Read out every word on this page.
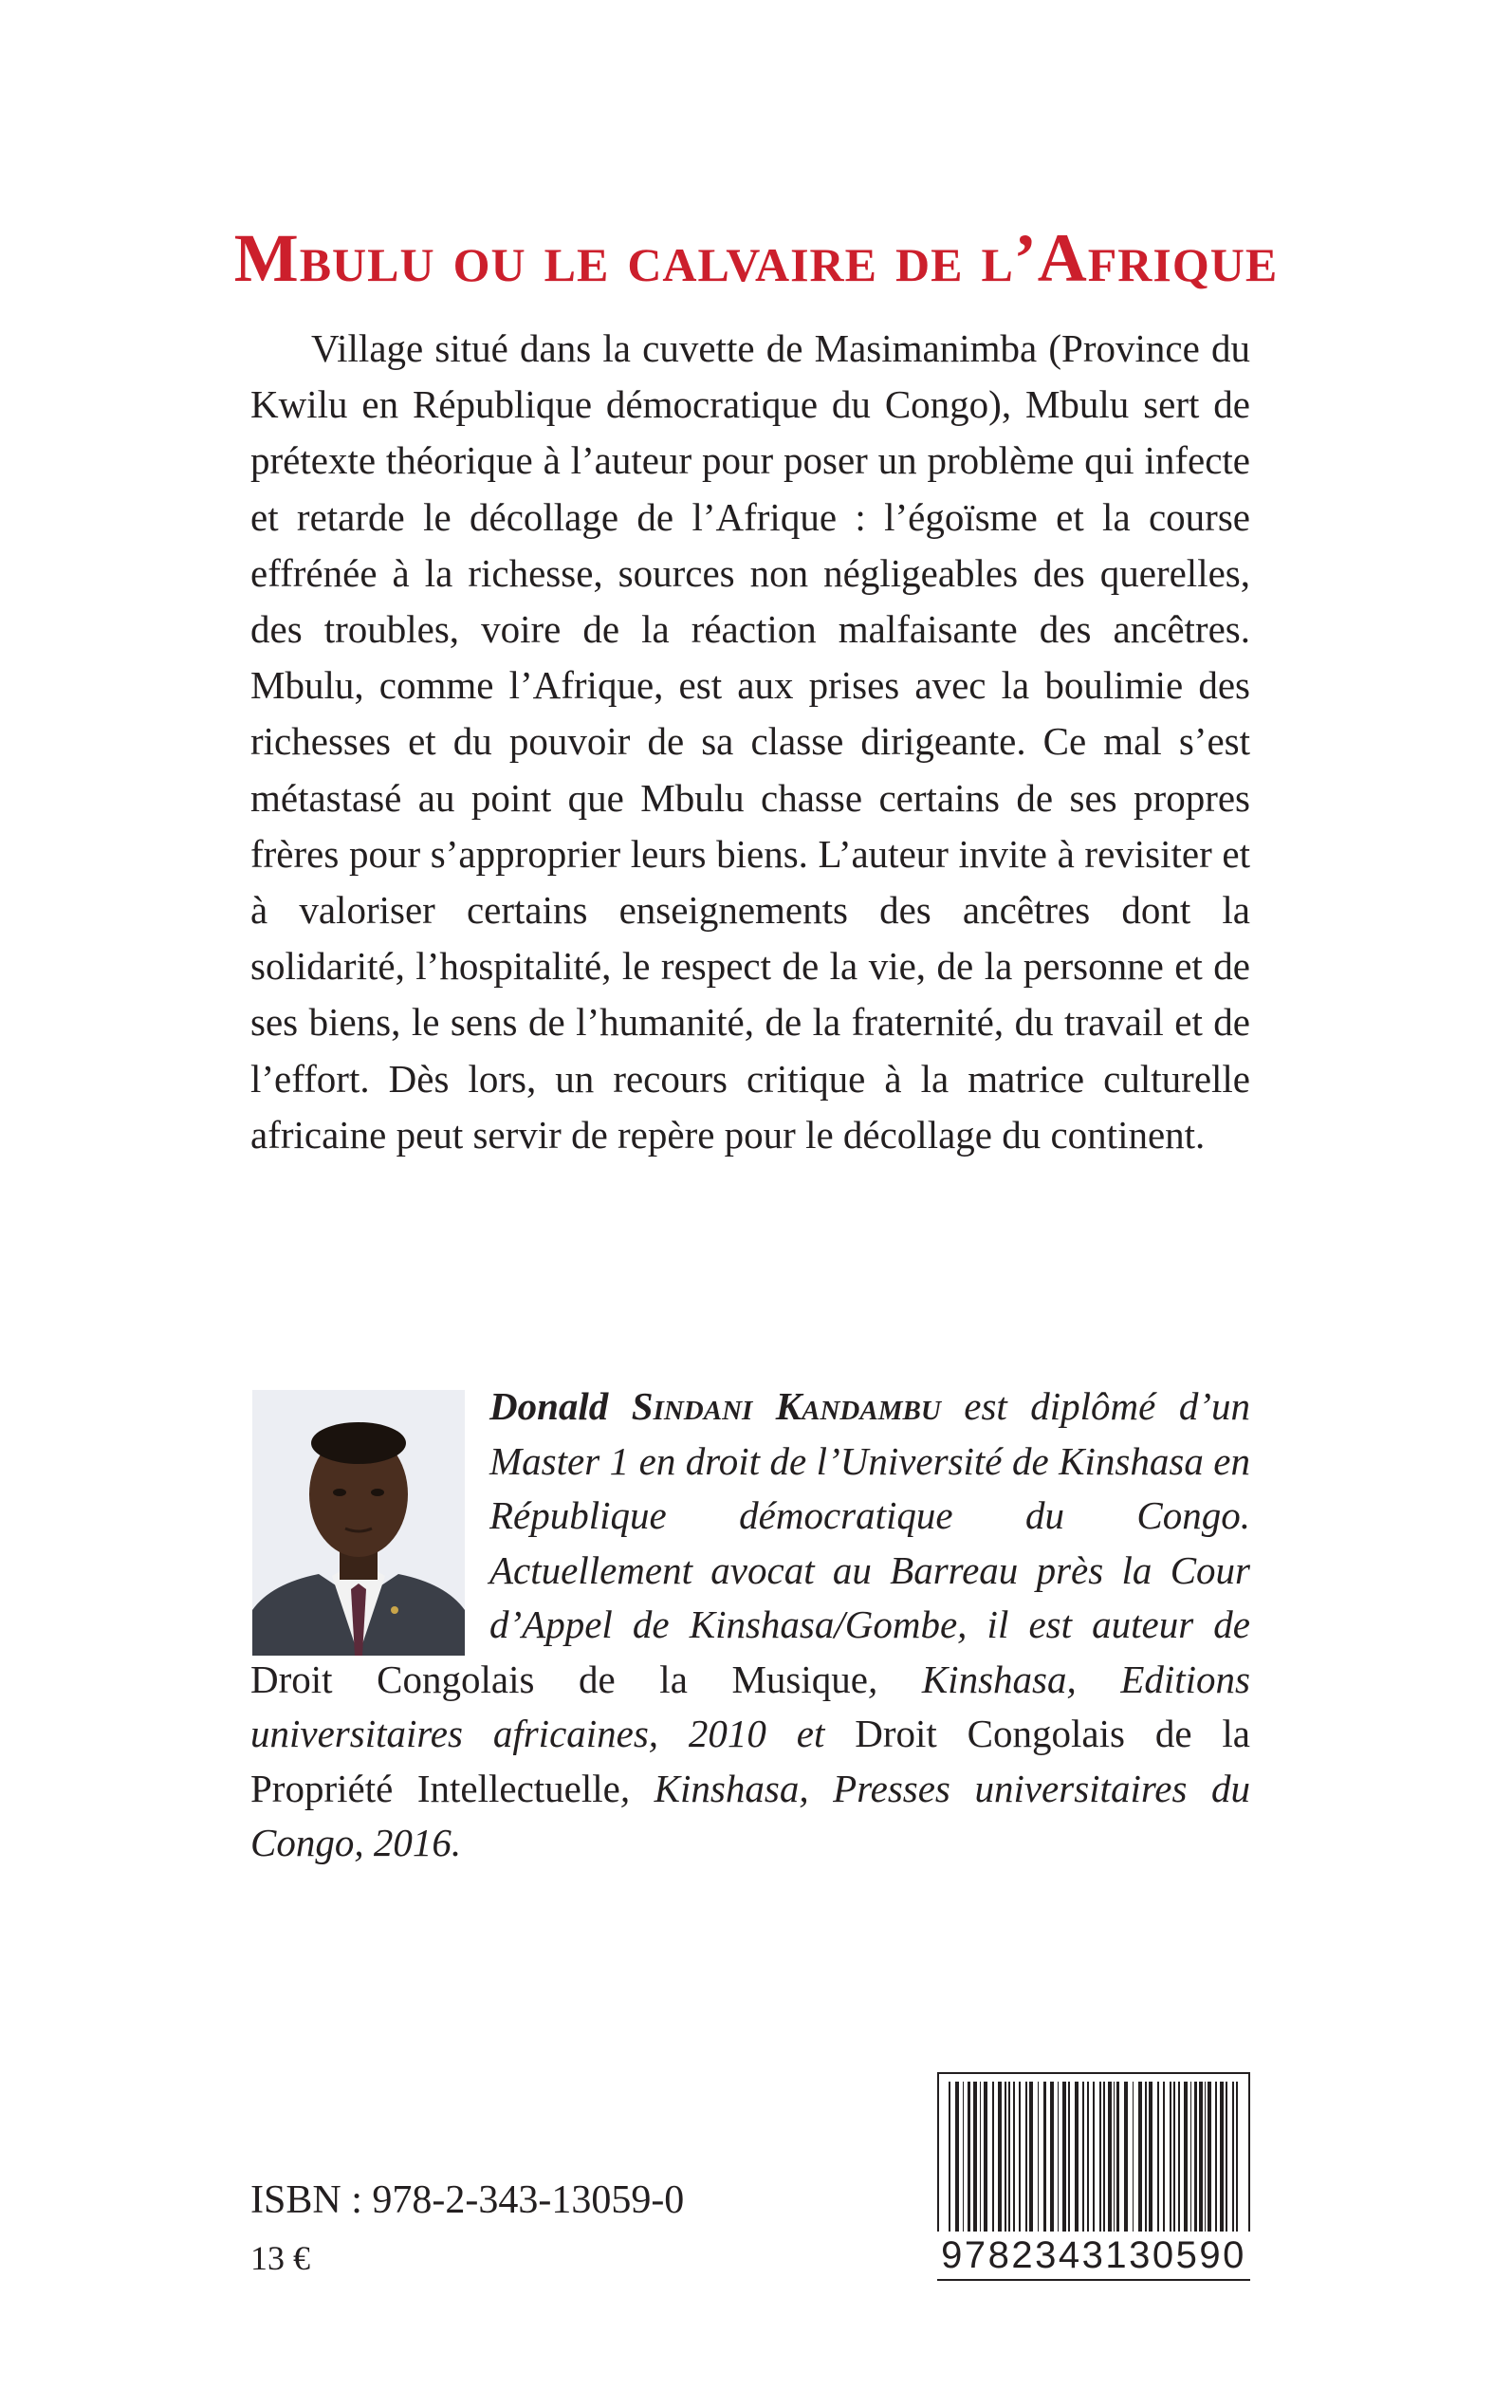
Mbulu ou le calvaire de l’Afrique

Village situé dans la cuvette de Masimanimba (Province du Kwilu en République démocratique du Congo), Mbulu sert de prétexte théorique à l’auteur pour poser un problème qui infecte et retarde le décollage de l’Afrique : l’égoïsme et la course effrénée à la richesse, sources non négligeables des querelles, des troubles, voire de la réaction malfaisante des ancêtres. Mbulu, comme l’Afrique, est aux prises avec la boulimie des richesses et du pouvoir de sa classe dirigeante. Ce mal s’est métastasé au point que Mbulu chasse certains de ses propres frères pour s’approprier leurs biens. L’auteur invite à revisiter et à valoriser certains enseignements des ancêtres dont la solidarité, l’hospitalité, le respect de la vie, de la personne et de ses biens, le sens de l’humanité, de la fraternité, du travail et de l’effort. Dès lors, un recours critique à la matrice culturelle africaine peut servir de repère pour le décollage du continent.

Donald Sindani Kandambu est diplômé d’un Master 1 en droit de l’Université de Kinshasa en République démocratique du Congo. Actuellement avocat au Barreau près la Cour d’Appel de Kinshasa/Gombe, il est auteur de Droit Congolais de la Musique, Kinshasa, Editions universitaires africaines, 2010 et Droit Congolais de la Propriété Intellectuelle, Kinshasa, Presses universitaires du Congo, 2016.
ISBN : 978-2-343-13059-0
13 €	9782343130590
